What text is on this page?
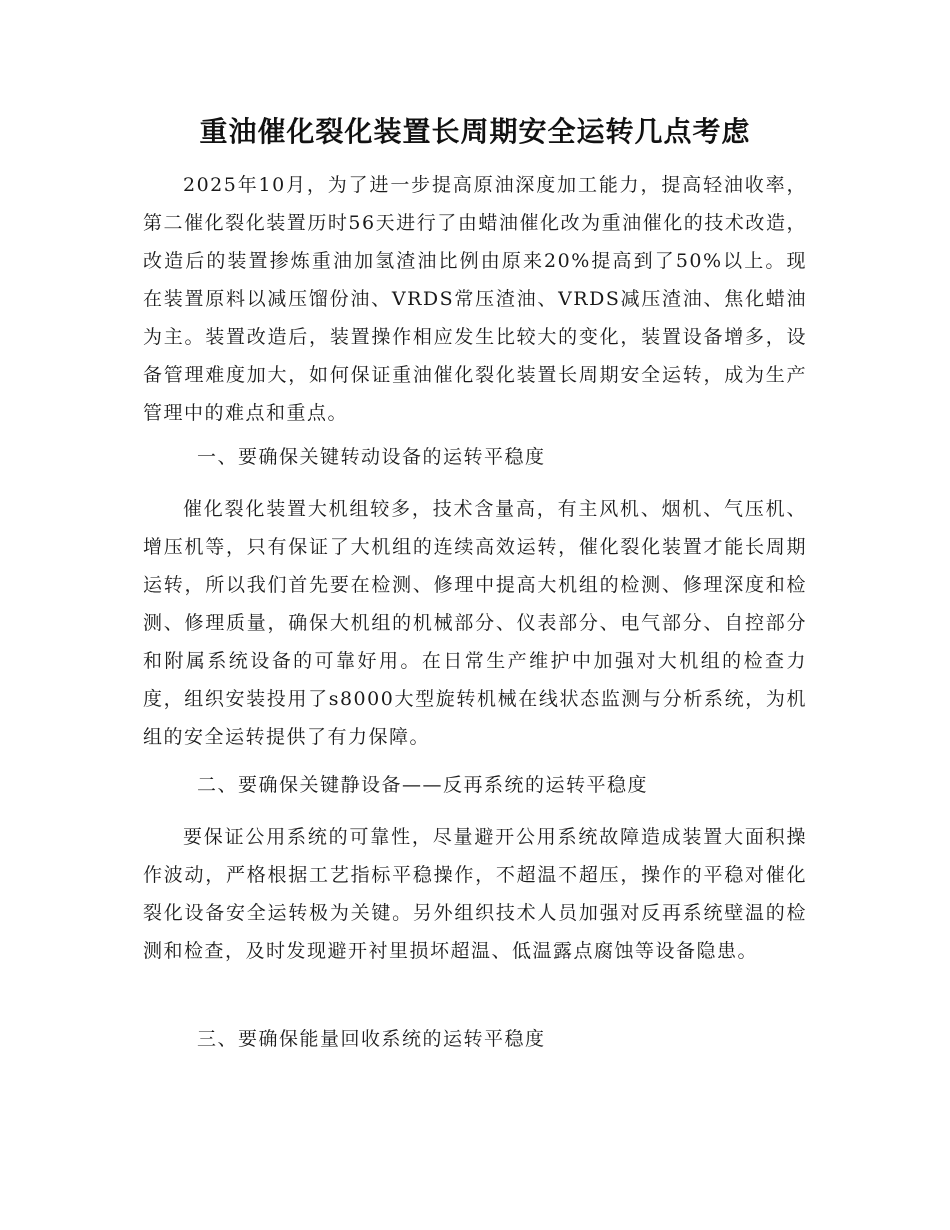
重油催化裂化装置长周期安全运转几点考虑

2025年10月，为了进一步提高原油深度加工能力，提高轻油收率，第二催化裂化装置历时56天进行了由蜡油催化改为重油催化的技术改造，改造后的装置掺炼重油加氢渣油比例由原来20%提高到了50%以上。现在装置原料以减压馏份油、VRDS常压渣油、VRDS减压渣油、焦化蜡油为主。装置改造后，装置操作相应发生比较大的变化，装置设备增多，设备管理难度加大，如何保证重油催化裂化装置长周期安全运转，成为生产管理中的难点和重点。

一、要确保关键转动设备的运转平稳度

催化裂化装置大机组较多，技术含量高，有主风机、烟机、气压机、增压机等，只有保证了大机组的连续高效运转，催化裂化装置才能长周期运转，所以我们首先要在检测、修理中提高大机组的检测、修理深度和检测、修理质量，确保大机组的机械部分、仪表部分、电气部分、自控部分和附属系统设备的可靠好用。在日常生产维护中加强对大机组的检查力度，组织安装投用了s8000大型旋转机械在线状态监测与分析系统，为机组的安全运转提供了有力保障。

二、要确保关键静设备——反再系统的运转平稳度

要保证公用系统的可靠性，尽量避开公用系统故障造成装置大面积操作波动，严格根据工艺指标平稳操作，不超温不超压，操作的平稳对催化裂化设备安全运转极为关键。另外组织技术人员加强对反再系统壁温的检测和检查，及时发现避开衬里损坏超温、低温露点腐蚀等设备隐患。

三、要确保能量回收系统的运转平稳度
